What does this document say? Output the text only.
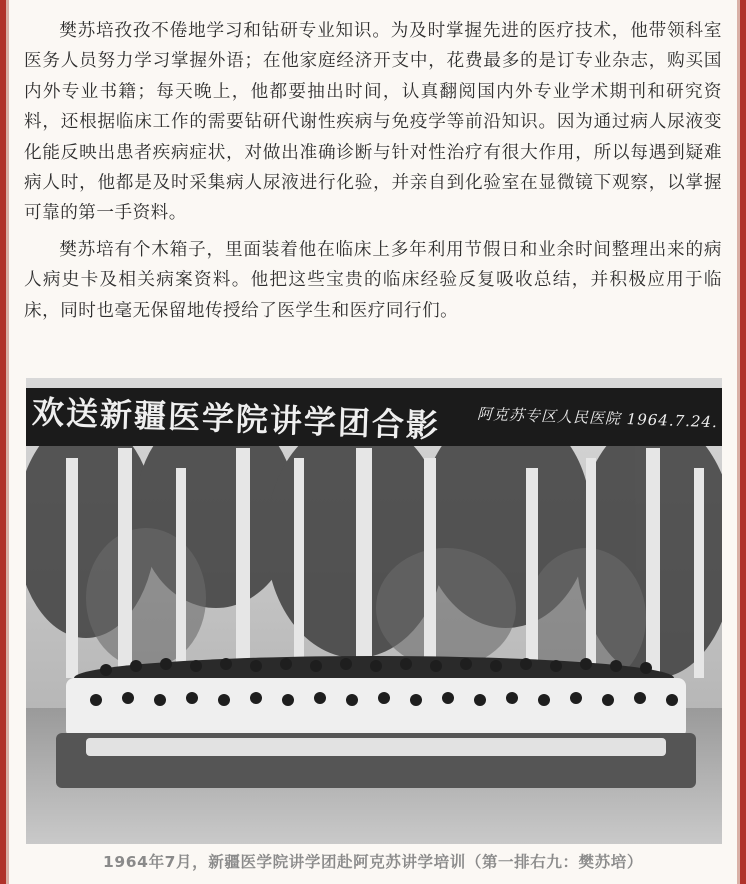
樊苏培孜孜不倦地学习和钻研专业知识。为及时掌握先进的医疗技术，他带领科室医务人员努力学习掌握外语；在他家庭经济开支中，花费最多的是订专业杂志，购买国内外专业书籍；每天晚上，他都要抽出时间，认真翻阅国内外专业学术期刊和研究资料，还根据临床工作的需要钻研代谢性疾病与免疫学等前沿知识。因为通过病人尿液变化能反映出患者疾病症状，对做出准确诊断与针对性治疗有很大作用，所以每遇到疑难病人时，他都是及时采集病人尿液进行化验，并亲自到化验室在显微镜下观察，以掌握可靠的第一手资料。

樊苏培有个木箱子，里面装着他在临床上多年利用节假日和业余时间整理出来的病人病史卡及相关病案资料。他把这些宝贵的临床经验反复吸收总结，并积极应用于临床，同时也毫无保留地传授给了医学生和医疗同行们。

欢送新疆医学院讲学团合影 阿克苏专区人民医院 1964.7.24.
1964年7月，新疆医学院讲学团赴阿克苏讲学培训（第一排右九：樊苏培）
